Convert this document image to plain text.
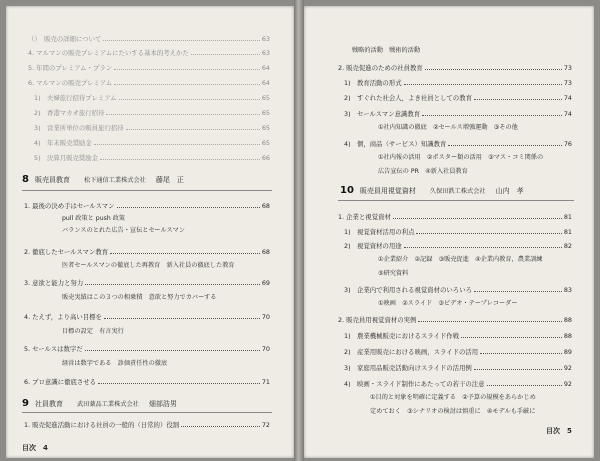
（）　販売の詳細について	63
4. マルマンの販売プレミアムにたいする基本的考えかた	63
5. 年間のプレミアム・プラン	64
6. マルマンの販売プレミアム	64
1)　夫婦旅行招待プレミアム	65
2)　香港マカオ旅行招待	65
3)　営業所単位の販員旅行招待	65
4)　年末販売奨励金	65
5)　決算月販売奨励金	66
8 販売員教育 松下通信工業株式会社 藤尾　正
1. 最後の決め手はセールスマン	68
pull 政策と push 政策
バランスのとれた広告・宣伝とセールスマン
2. 徹底したセールスマン教育	68
医者セールスマンの徹底した再教育　新入社員の徹底した教育
3. 意欲と能力と努力	69
販売実績はこの３つの相乗積　意欲と努力でカバーする
4. たえず，より高い目標を	70
目標の設定　有言実行
5. セールスは数字だ	70
経営は数字である　診価責任性の徹底
6. プロ意識に徹底させる	71
9 社員教育 武田薬品工業株式会社 畑部浩男
1. 販売促進活動における社員の一般的（日常的）役割	72
目次　4
戦略的活動　戦術的活動
2. 販売促進のための社員教育	73
1)　教育活動の形式	73
2)　すぐれた社会人，よき社員としての教育	74
3)　セールスマン意識教育	74
①社内知識の徹底　②セールス増強運動　③その他
4)　個，商品（サービス）知識教育	76
①社内報の活用　②ポスター類の活用　③マス・コミ関係の
広告宣伝の PR　④新入社員教育
10 販売員用視覚資材 久保田鉄工株式会社 山内　孝
1. 企業と視覚資材	81
1)　視覚資材活用の利点	81
2)　視覚資材の用途	82
①企業紹介　②記録　③販売促進　④企業内教育，農業訓練
⑤研究資料
3)　企業内で利用される視覚資材のいろいろ	83
①映画　②スライド　③ビデオ・テープレコーダー
2. 販売員用視覚資材の実例	88
1)　農業機械販売におけるスライド作戦	88
2)　産業用販売における映画，スライドの活用	89
3)　家庭用品販売活動向けスライドの活用例	92
4)　映画・スライド制作にあたっての若干の注意	92
①目的と対象を明確に定義する　②予算の規模をあらかじめ
定めておく　③シナリオの検討は慎重に　④モデルも手厳に
目次　5
